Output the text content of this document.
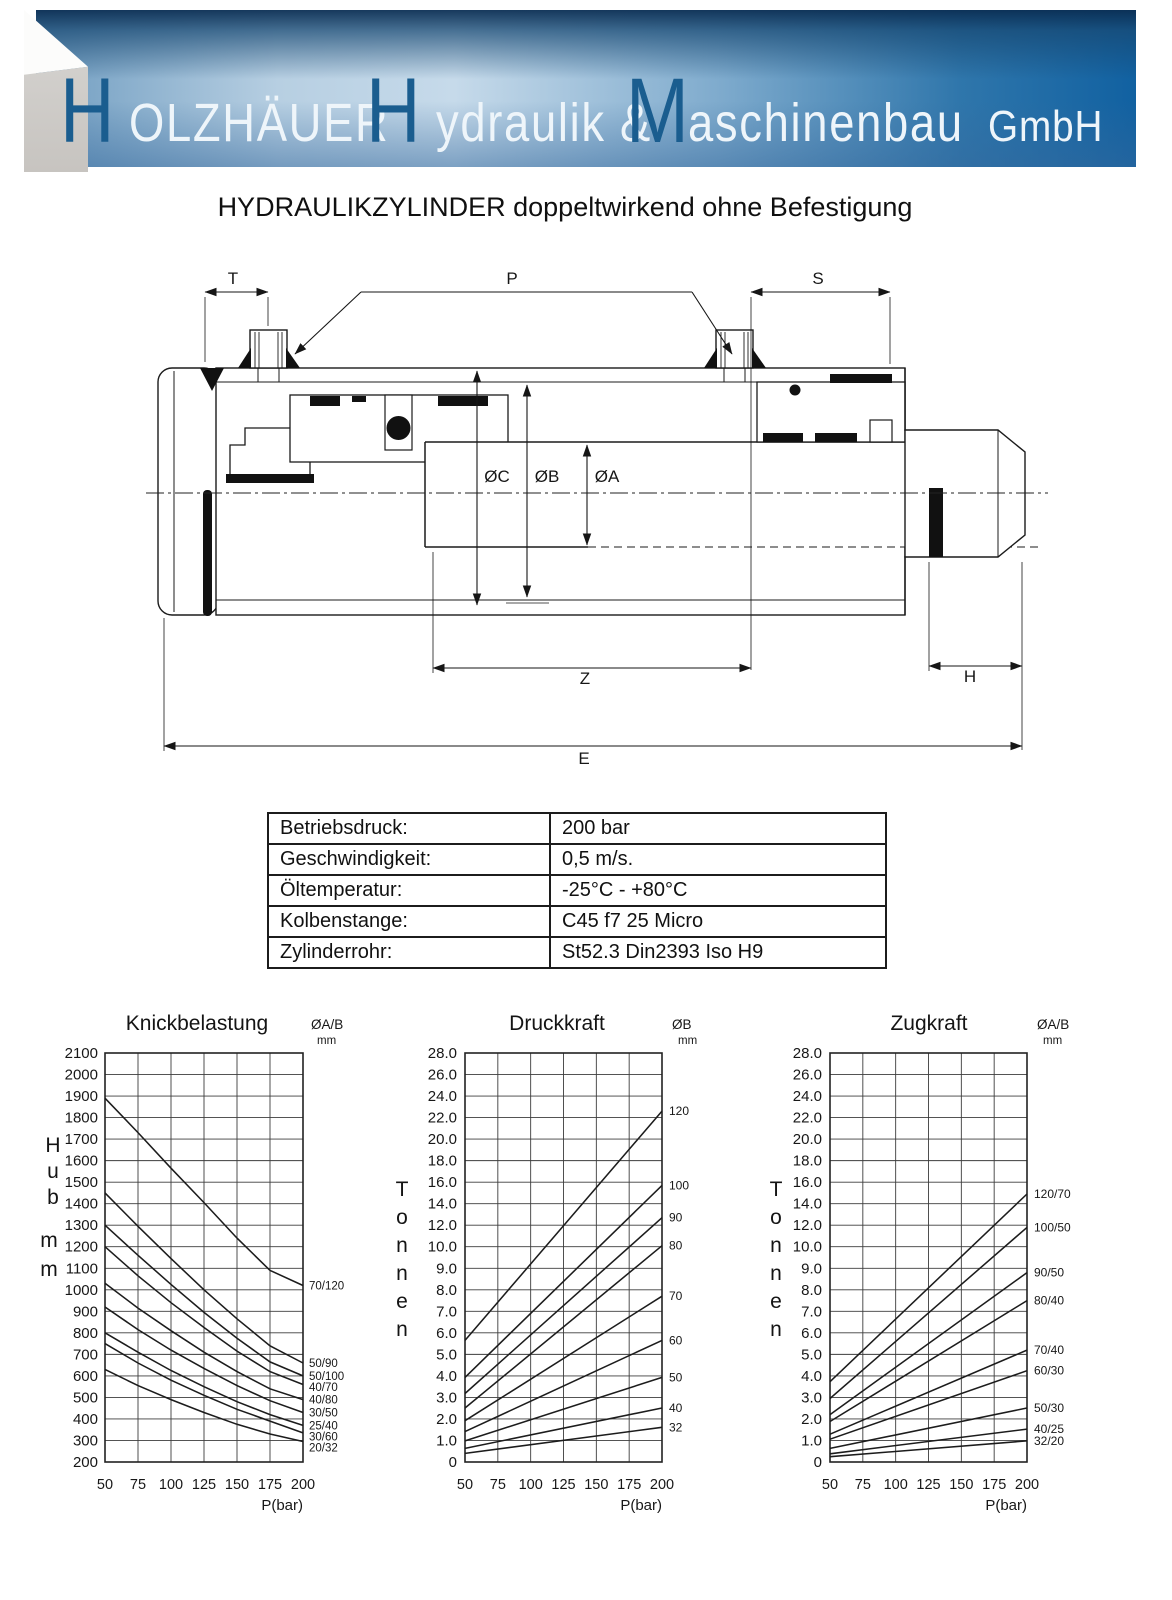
H OLZHÄUER
H ydraulik &
M aschinenbau GmbH
HYDRAULIKZYLINDER doppeltwirkend ohne Befestigung
T	P	S
ØC ØB ØA
Z	H
E
Betriebsdruck:	200 bar
Geschwindigkeit:	0,5 m/s.
Öltemperatur:	-25°C - +80°C
Kolbenstange:	C45 f7 25 Micro
Zylinderrohr:	St52.3 Din2393 Iso H9
200
300
400
500
600
700
800
900
1000
1100
1200
1300
1400
1500
1600
1700
1800
1900
2000
2100
50 75 100 125 150 175 200
P(bar)
Knickbelastung	ØA/B
mm
H
u
b
m
m
70/120
50/90
50/100
40/70
40/80
30/50
25/40
30/60
20/32
0
1.0
2.0
3.0
4.0
5.0
6.0
7.0
8.0
9.0
10.0
12.0
14.0
16.0
18.0
20.0
22.0
24.0
26.0
28.0
50 75 100 125 150 175 200
P(bar)
Druckkraft	ØB
mm
T
o
n
n
e
n
120
100
90
80
70
60
50
40
32
0
1.0
2.0
3.0
4.0
5.0
6.0
7.0
8.0
9.0
10.0
12.0
14.0
16.0
18.0
20.0
22.0
24.0
26.0
28.0
50 75 100 125 150 175 200
P(bar)
Zugkraft	ØA/B
mm
T
o
n
n
e
n
120/70
100/50
90/50
80/40
70/40
60/30
50/30
40/25
32/20
